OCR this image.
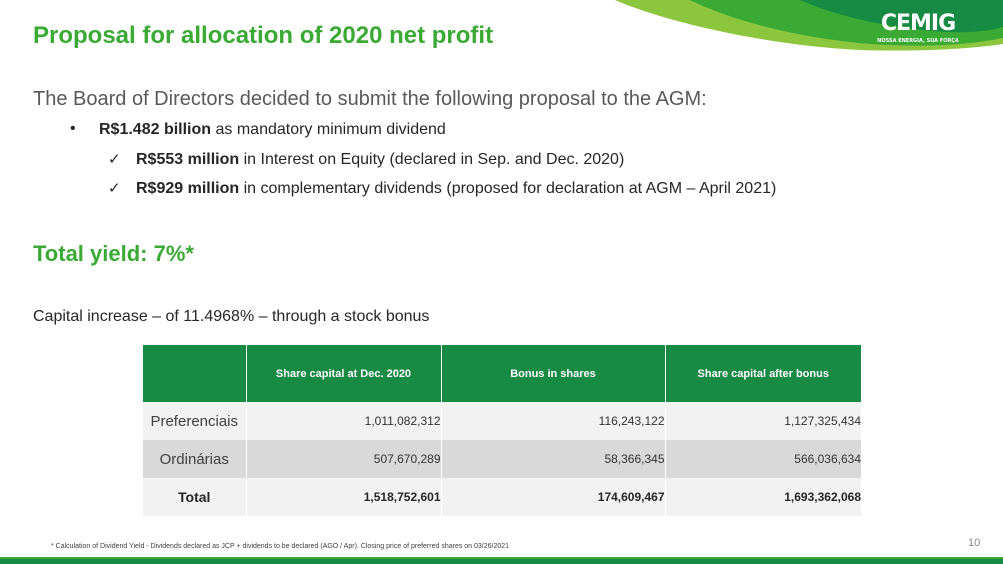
CEMIG
NOSSA ENERGIA, SUA FORÇA
Proposal for allocation of 2020 net profit
The Board of Directors decided to submit the following proposal to the AGM:
• R$1.482 billion as mandatory minimum dividend
✓ R$553 million in Interest on Equity (declared in Sep. and Dec. 2020)
✓ R$929 million in complementary dividends (proposed for declaration at AGM – April 2021)
Total yield: 7%*
Capital increase – of 11.4968% – through a stock bonus
	Share capital at Dec. 2020	Bonus in shares	Share capital after bonus
Preferenciais	1,011,082,312	116,243,122	1,127,325,434
Ordinárias	507,670,289	58,366,345	566,036,634
Total	1,518,752,601	174,609,467	1,693,362,068
* Calculation of Dividend Yield - Dividends declared as JCP + dividends to be declared (AGO / Apr). Closing price of preferred shares on 03/26/2021	10
